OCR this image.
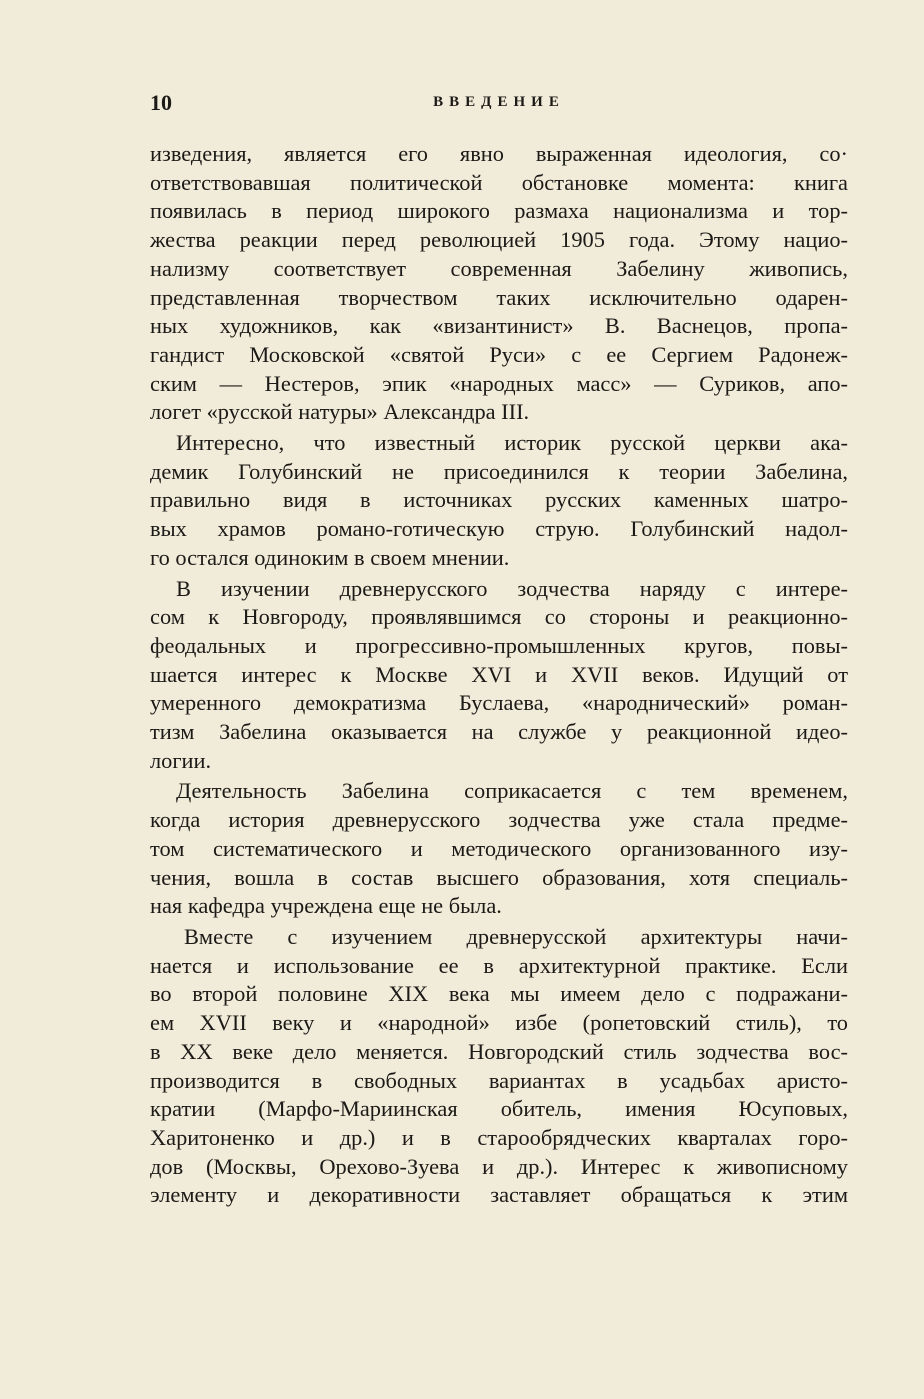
10	ВВЕДЕНИЕ
изведения, является его явно выраженная идеология, со·
ответствовавшая политической обстановке момента: книга
появилась в период широкого размаха национализма и тор-
жества реакции перед революцией 1905 года. Этому нацио-
нализму соответствует современная Забелину живопись,
представленная творчеством таких исключительно одарен-
ных художников, как «византинист» В. Васнецов, пропа-
гандист Московской «святой Руси» с ее Сергием Радонеж-
ским — Нестеров, эпик «народных масс» — Суриков, апо-
логет «русской натуры» Александра III.
Интересно, что известный историк русской церкви ака-
демик Голубинский не присоединился к теории Забелина,
правильно видя в источниках русских каменных шатро-
вых храмов романо-готическую струю. Голубинский надол-
го остался одиноким в своем мнении.
В изучении древнерусского зодчества наряду с интере-
сом к Новгороду, проявлявшимся со стороны и реакционно-
феодальных и прогрессивно-промышленных кругов, повы-
шается интерес к Москве XVI и XVII веков. Идущий от
умеренного демократизма Буслаева, «народнический» роман-
тизм Забелина оказывается на службе у реакционной идео-
логии.
Деятельность Забелина соприкасается с тем временем,
когда история древнерусского зодчества уже стала предме-
том систематического и методического организованного изу-
чения, вошла в состав высшего образования, хотя специаль-
ная кафедра учреждена еще не была.
Вместе с изучением древнерусской архитектуры начи-
нается и использование ее в архитектурной практике. Если
во второй половине XIX века мы имеем дело с подражани-
ем XVII веку и «народной» избе (ропетовский стиль), то
в XX веке дело меняется. Новгородский стиль зодчества вос-
производится в свободных вариантах в усадьбах аристо-
кратии (Марфо-Мариинская обитель, имения Юсуповых,
Харитоненко и др.) и в старообрядческих кварталах горо-
дов (Москвы, Орехово-Зуева и др.). Интерес к живописному
элементу и декоративности заставляет обращаться к этим
